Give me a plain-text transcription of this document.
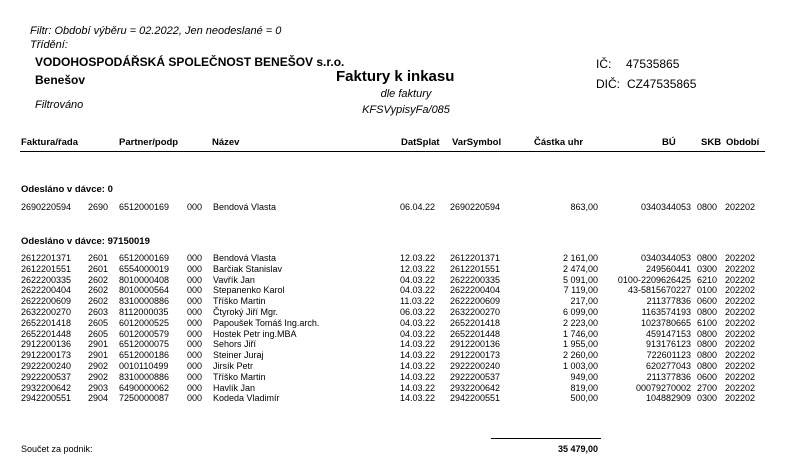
Filtr: Období výběru = 02.2022, Jen neodeslané = 0
Třídění:
VODOHOSPODÁŘSKÁ SPOLEČNOST BENEŠOV s.r.o.
Benešov
Filtrováno
Faktury k inkasu
dle faktury
KFSVypisyFa/085
IČ: 47535865
DIČ: CZ47535865
Faktura/řada	Partner/podp	Název	DatSplat VarSymbol	Částka uhr	BÚ	SKB Období
Odesláno v dávce: 0
2690220594	2690	6512000169	000	Bendová Vlasta	06.04.22	2690220594	863,00	0340344053 0800 202202
Odesláno v dávce: 97150019
2612201371	2601	6512000169	000	Bendová Vlasta	12.03.22	2612201371	2 161,00	0340344053 0800 202202
2612201551	2601	6554000019	000	Barčiak Stanislav	12.03.22	2612201551	2 474,00	249560441 0300 202202
2622200335	2602	8010000408	000	Vavřík Jan	04.03.22	2622200335	5 091,00	0100-2209626425 6210 202202
2622200404	2602	8010000564	000	Stepanenko Karol	04.03.22	2622200404	7 119,00	43-5815670227 0100 202202
2622200609	2602	8310000886	000	Tříško Martin	11.03.22	2622200609	217,00	211377836 0600 202202
2632200270	2603	8112000035	000	Čtyroký Jiří Mgr.	06.03.22	2632200270	6 099,00	1163574193 0800 202202
2652201418	2605	6012000525	000	Papoušek Tomáš Ing.arch.	04.03.22	2652201418	2 223,00	1023780665 6100 202202
2652201448	2605	6012000579	000	Hostek Petr ing.MBA	04.03.22	2652201448	1 746,00	459147153 0800 202202
2912200136	2901	6512000075	000	Sehors Jiří	14.03.22	2912200136	1 955,00	913176123 0800 202202
2912200173	2901	6512000186	000	Steiner Juraj	14.03.22	2912200173	2 260,00	722601123 0800 202202
2922200240	2902	0010110499	000	Jirsík Petr	14.03.22	2922200240	1 003,00	620277043 0800 202202
2922200537	2902	8310000886	000	Tříško Martin	14.03.22	2922200537	949,00	211377836 0600 202202
2932200642	2903	6490000062	000	Havlík Jan	14.03.22	2932200642	819,00	00079270002 2700 202202
2942200551	2904	7250000087	000	Kodeda Vladimír	14.03.22	2942200551	500,00	104882909 0300 202202
Součet za podnik:	35 479,00
